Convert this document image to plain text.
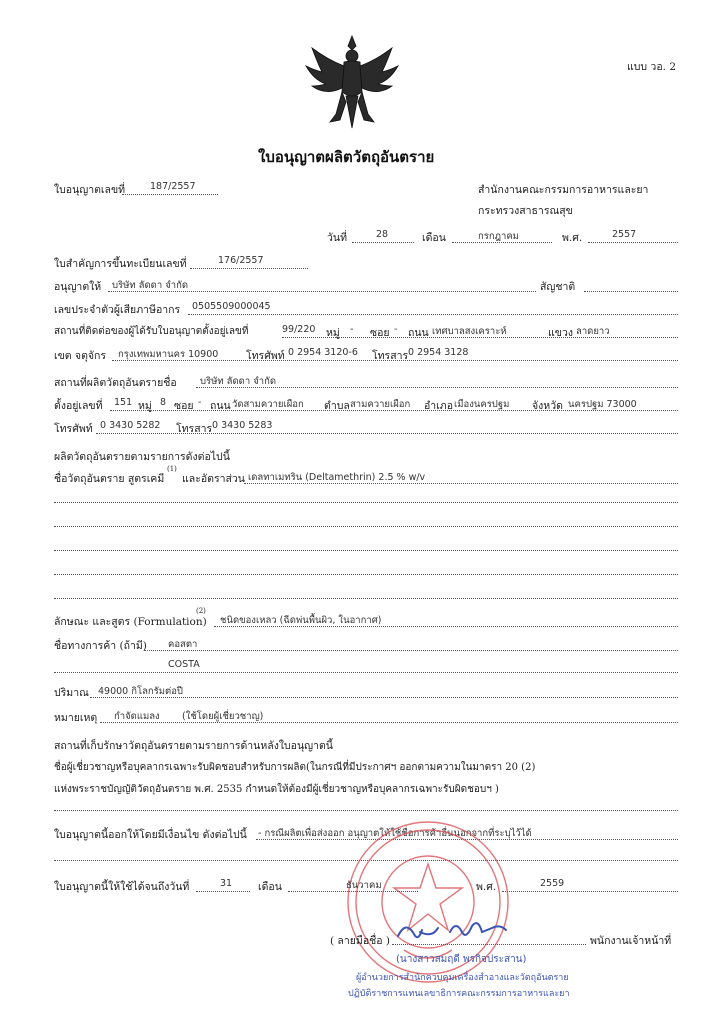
แบบ วอ. 2
ใบอนุญาตผลิตวัตถุอันตราย
ใบอนุญาตเลขที่	187/2557	สำนักงานคณะกรรมการอาหารและยา
กระทรวงสาธารณสุข
วันที่	28	เดือน	กรกฎาคม	พ.ศ.	2557
ใบสำคัญการขึ้นทะเบียนเลขที่	176/2557
อนุญาตให้ บริษัท ลัดดา จำกัด	สัญชาติ
เลขประจำตัวผู้เสียภาษีอากร 0505509000045
สถานที่ติดต่อของผู้ได้รับใบอนุญาตตั้งอยู่เลขที่	99/220 หมู่ - ซอย - ถนน เทศบาลสงเคราะห์	แขวง ลาดยาว
เขต จตุจักร กรุงเทพมหานคร 10900	โทรศัพท์ 0 2954 3120-6 โทรสาร 0 2954 3128
สถานที่ผลิตวัตถุอันตรายชื่อ บริษัท ลัดดา จำกัด
ตั้งอยู่เลขที่ 151 หมู่ 8 ซอย - ถนน วัดสามควายเผือก ตำบล สามควายเผือก อำเภอ เมืองนครปฐม จังหวัด นครปฐม 73000
โทรศัพท์ 0 3430 5282 โทรสาร 0 3430 5283
ผลิตวัตถุอันตรายตามรายการดังต่อไปนี้
ชื่อวัตถุอันตราย สูตรเคมี
(1)
และอัตราส่วน เดลทาเมทริน (Deltamethrin) 2.5 % w/v
ลักษณะ และสูตร (Formulation)
(2)
ชนิดของเหลว (ฉีดพ่นพื้นผิว, ในอากาศ)
ชื่อทางการค้า (ถ้ามี) คอสตา
COSTA
ปริมาณ 49000 กิโลกรัมต่อปี
หมายเหตุ กำจัดแมลง (ใช้โดยผู้เชี่ยวชาญ)
สถานที่เก็บรักษาวัตถุอันตรายตามรายการด้านหลังใบอนุญาตนี้
ชื่อผู้เชี่ยวชาญหรือบุคลากรเฉพาะรับผิดชอบสำหรับการผลิต(ในกรณีที่มีประกาศฯ ออกตามความในมาตรา 20 (2)
แห่งพระราชบัญญัติวัตถุอันตราย พ.ศ. 2535 กำหนดให้ต้องมีผู้เชี่ยวชาญหรือบุคลากรเฉพาะรับผิดชอบฯ )
ใบอนุญาตนี้ออกให้โดยมีเงื่อนไข ดังต่อไปนี้ - กรณีผลิตเพื่อส่งออก อนุญาตให้ใช้ชื่อการค้าอื่นนอกจากที่ระบุไว้ได้
ใบอนุญาตนี้ให้ใช้ได้จนถึงวันที่	31 เดือน	ธันวาคม	พ.ศ.	2559
( ลายมือชื่อ )	พนักงานเจ้าหน้าที่
(นางสาวสมฤดี พรกิจประสาน)
ผู้อำนวยการสำนักควบคุมเครื่องสำอางและวัตถุอันตราย
ปฏิบัติราชการแทนเลขาธิการคณะกรรมการอาหารและยา
